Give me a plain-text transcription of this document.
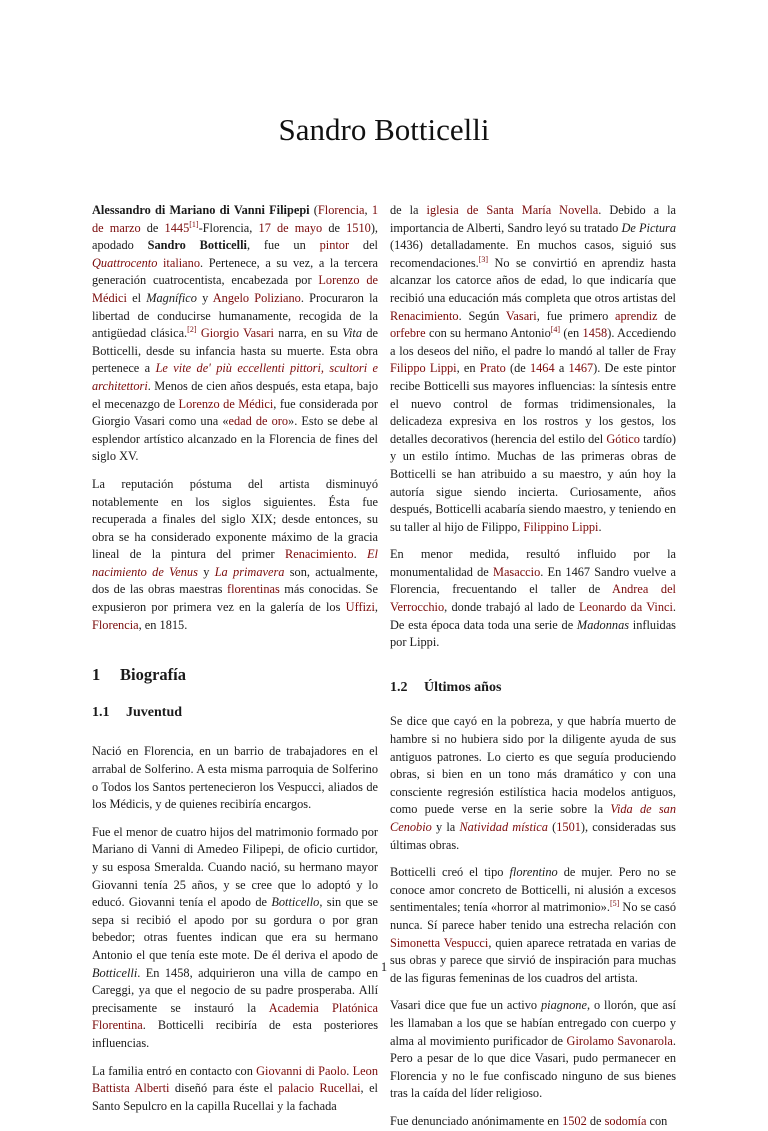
Sandro Botticelli

Alessandro di Mariano di Vanni Filipepi (Florencia, 1 de marzo de 1445[1]-Florencia, 17 de mayo de 1510), apodado Sandro Botticelli, fue un pintor del Quattrocento italiano. Pertenece, a su vez, a la tercera generación cuatrocentista, encabezada por Lorenzo de Médici el Magnífico y Angelo Poliziano. Procuraron la libertad de conducirse humanamente, recogida de la antigüedad clásica.[2] Giorgio Vasari narra, en su Vita de Botticelli, desde su infancia hasta su muerte. Esta obra pertenece a Le vite de' più eccellenti pittori, scultori e architettori. Menos de cien años después, esta etapa, bajo el mecenazgo de Lorenzo de Médici, fue considerada por Giorgio Vasari como una «edad de oro». Esto se debe al esplendor artístico alcanzado en la Florencia de fines del siglo XV.

La reputación póstuma del artista disminuyó notablemente en los siglos siguientes. Ésta fue recuperada a finales del siglo XIX; desde entonces, su obra se ha considerado exponente máximo de la gracia lineal de la pintura del primer Renacimiento. El nacimiento de Venus y La primavera son, actualmente, dos de las obras maestras florentinas más conocidas. Se expusieron por primera vez en la galería de los Uffizi, Florencia, en 1815.

1 Biografía
1.1 Juventud

Nació en Florencia, en un barrio de trabajadores en el arrabal de Solferino. A esta misma parroquia de Solferino o Todos los Santos pertenecieron los Vespucci, aliados de los Médicis, y de quienes recibiría encargos.

Fue el menor de cuatro hijos del matrimonio formado por Mariano di Vanni di Amedeo Filipepi, de oficio curtidor, y su esposa Smeralda. Cuando nació, su hermano mayor Giovanni tenía 25 años, y se cree que lo adoptó y lo educó. Giovanni tenía el apodo de Botticello, sin que se sepa si recibió el apodo por su gordura o por gran bebedor; otras fuentes indican que era su hermano Antonio el que tenía este mote. De él deriva el apodo de Botticelli. En 1458, adquirieron una villa de campo en Careggi, ya que el negocio de su padre prosperaba. Allí precisamente se instauró la Academia Platónica Florentina. Botticelli recibiría de esta posteriores influencias.

La familia entró en contacto con Giovanni di Paolo. Leon Battista Alberti diseñó para éste el palacio Rucellai, el Santo Sepulcro en la capilla Rucellai y la fachada

de la iglesia de Santa María Novella. Debido a la importancia de Alberti, Sandro leyó su tratado De Pictura (1436) detalladamente. En muchos casos, siguió sus recomendaciones.[3] No se convirtió en aprendiz hasta alcanzar los catorce años de edad, lo que indicaría que recibió una educación más completa que otros artistas del Renacimiento. Según Vasari, fue primero aprendiz de orfebre con su hermano Antonio[4] (en 1458). Accediendo a los deseos del niño, el padre lo mandó al taller de Fray Filippo Lippi, en Prato (de 1464 a 1467). De este pintor recibe Botticelli sus mayores influencias: la síntesis entre el nuevo control de formas tridimensionales, la delicadeza expresiva en los rostros y los gestos, los detalles decorativos (herencia del estilo del Gótico tardío) y un estilo íntimo. Muchas de las primeras obras de Botticelli se han atribuido a su maestro, y aún hoy la autoría sigue siendo incierta. Curiosamente, años después, Botticelli acabaría siendo maestro, y teniendo en su taller al hijo de Filippo, Filippino Lippi.

En menor medida, resultó influido por la monumentalidad de Masaccio. En 1467 Sandro vuelve a Florencia, frecuentando el taller de Andrea del Verrocchio, donde trabajó al lado de Leonardo da Vinci. De esta época data toda una serie de Madonnas influidas por Lippi.

1.2 Últimos años

Se dice que cayó en la pobreza, y que habría muerto de hambre si no hubiera sido por la diligente ayuda de sus antiguos patrones. Lo cierto es que seguía produciendo obras, si bien en un tono más dramático y con una consciente regresión estilística hacia modelos antiguos, como puede verse en la serie sobre la Vida de san Cenobio y la Natividad mística (1501), consideradas sus últimas obras.

Botticelli creó el tipo florentino de mujer. Pero no se conoce amor concreto de Botticelli, ni alusión a excesos sentimentales; tenía «horror al matrimonio».[5] No se casó nunca. Sí parece haber tenido una estrecha relación con Simonetta Vespucci, quien aparece retratada en varias de sus obras y parece que sirvió de inspiración para muchas de las figuras femeninas de los cuadros del artista.

Vasari dice que fue un activo piagnone, o llorón, que así les llamaban a los que se habían entregado con cuerpo y alma al movimiento purificador de Girolamo Savonarola. Pero a pesar de lo que dice Vasari, pudo permanecer en Florencia y no le fue confiscado ninguno de sus bienes tras la caída del líder religioso.

Fue denunciado anónimamente en 1502 de sodomía con

1
